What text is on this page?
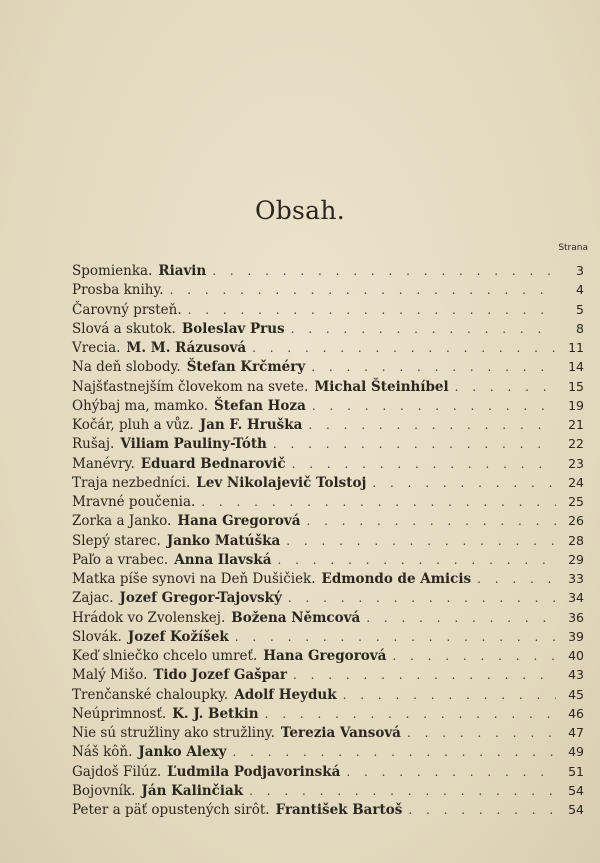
Obsah.
Strana
Spomienka. Riavin . . .	3
Prosba knihy. . . .	4
Čarovný prsteň. . . .	5
Slová a skutok. Boleslav Prus . . .	8
Vrecia. M. M. Rázusová . . .	11
Na deň slobody. Štefan Krčméry . . .	14
Najšťastnejším človekom na svete. Michal Šteinhíbel . . .	15
Ohýbaj ma, mamko. Štefan Hoza . . .	19
Kočár, pluh a vůz. Jan F. Hruška . . .	21
Rušaj. Viliam Pauliny-Tóth . . .	22
Manévry. Eduard Bednarovič . . .	23
Traja nezbedníci. Lev Nikolajevič Tolstoj . . .	24
Mravné poučenia. . . .	25
Zorka a Janko. Hana Gregorová . . .	26
Slepý starec. Janko Matúška . . .	28
Paľo a vrabec. Anna Ilavská . . .	29
Matka píše synovi na Deň Dušičiek. Edmondo de Amicis . . .	33
Zajac. Jozef Gregor-Tajovský . . .	34
Hrádok vo Zvolenskej. Božena Němcová . . .	36
Slovák. Jozef Kožíšek . . .	39
Keď slniečko chcelo umreť. Hana Gregorová . . .	40
Malý Mišo. Tido Jozef Gašpar . . .	43
Trenčanské chaloupky. Adolf Heyduk . . .	45
Neúprimnosť. K. J. Betkin . . .	46
Nie sú stružliny ako stružliny. Terezia Vansová . . .	47
Náš kôň. Janko Alexy . . .	49
Gajdoš Filúz. Ľudmila Podjavorinská . . .	51
Bojovník. Ján Kalinčiak . . .	54
Peter a päť opustených sirôt. František Bartoš . . .	54
